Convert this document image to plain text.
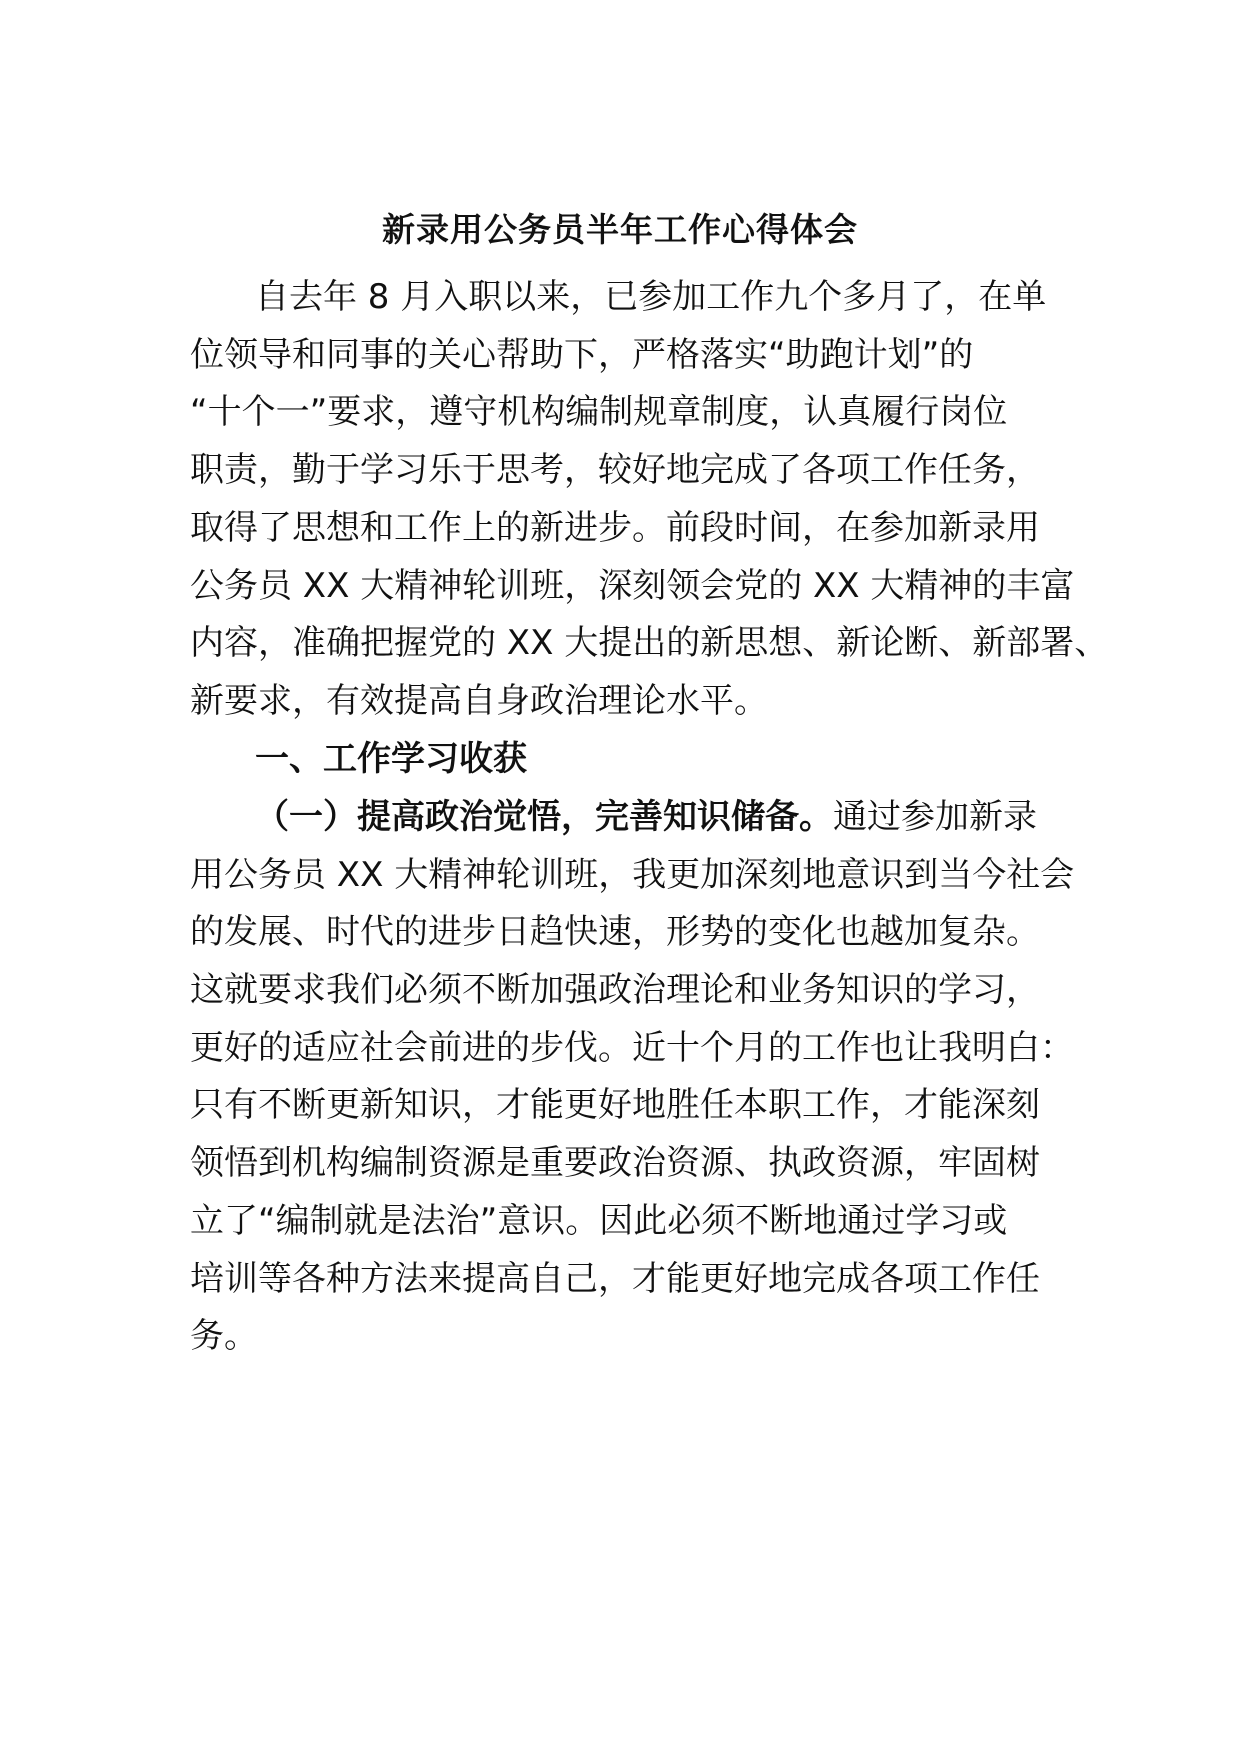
新录用公务员半年工作心得体会
自去年 8 月入职以来，已参加工作九个多月了，在单
位领导和同事的关心帮助下，严格落实“助跑计划”的
“十个一”要求，遵守机构编制规章制度，认真履行岗位
职责，勤于学习乐于思考，较好地完成了各项工作任务，
取得了思想和工作上的新进步。前段时间，在参加新录用
公务员 XX 大精神轮训班，深刻领会党的 XX 大精神的丰富
内容，准确把握党的 XX 大提出的新思想、新论断、新部署、
新要求，有效提高自身政治理论水平。
一、工作学习收获
（一）提高政治觉悟，完善知识储备。通过参加新录
用公务员 XX 大精神轮训班，我更加深刻地意识到当今社会
的发展、时代的进步日趋快速，形势的变化也越加复杂。
这就要求我们必须不断加强政治理论和业务知识的学习，
更好的适应社会前进的步伐。近十个月的工作也让我明白：
只有不断更新知识，才能更好地胜任本职工作，才能深刻
领悟到机构编制资源是重要政治资源、执政资源，牢固树
立了“编制就是法治”意识。因此必须不断地通过学习或
培训等各种方法来提高自己，才能更好地完成各项工作任
务。
